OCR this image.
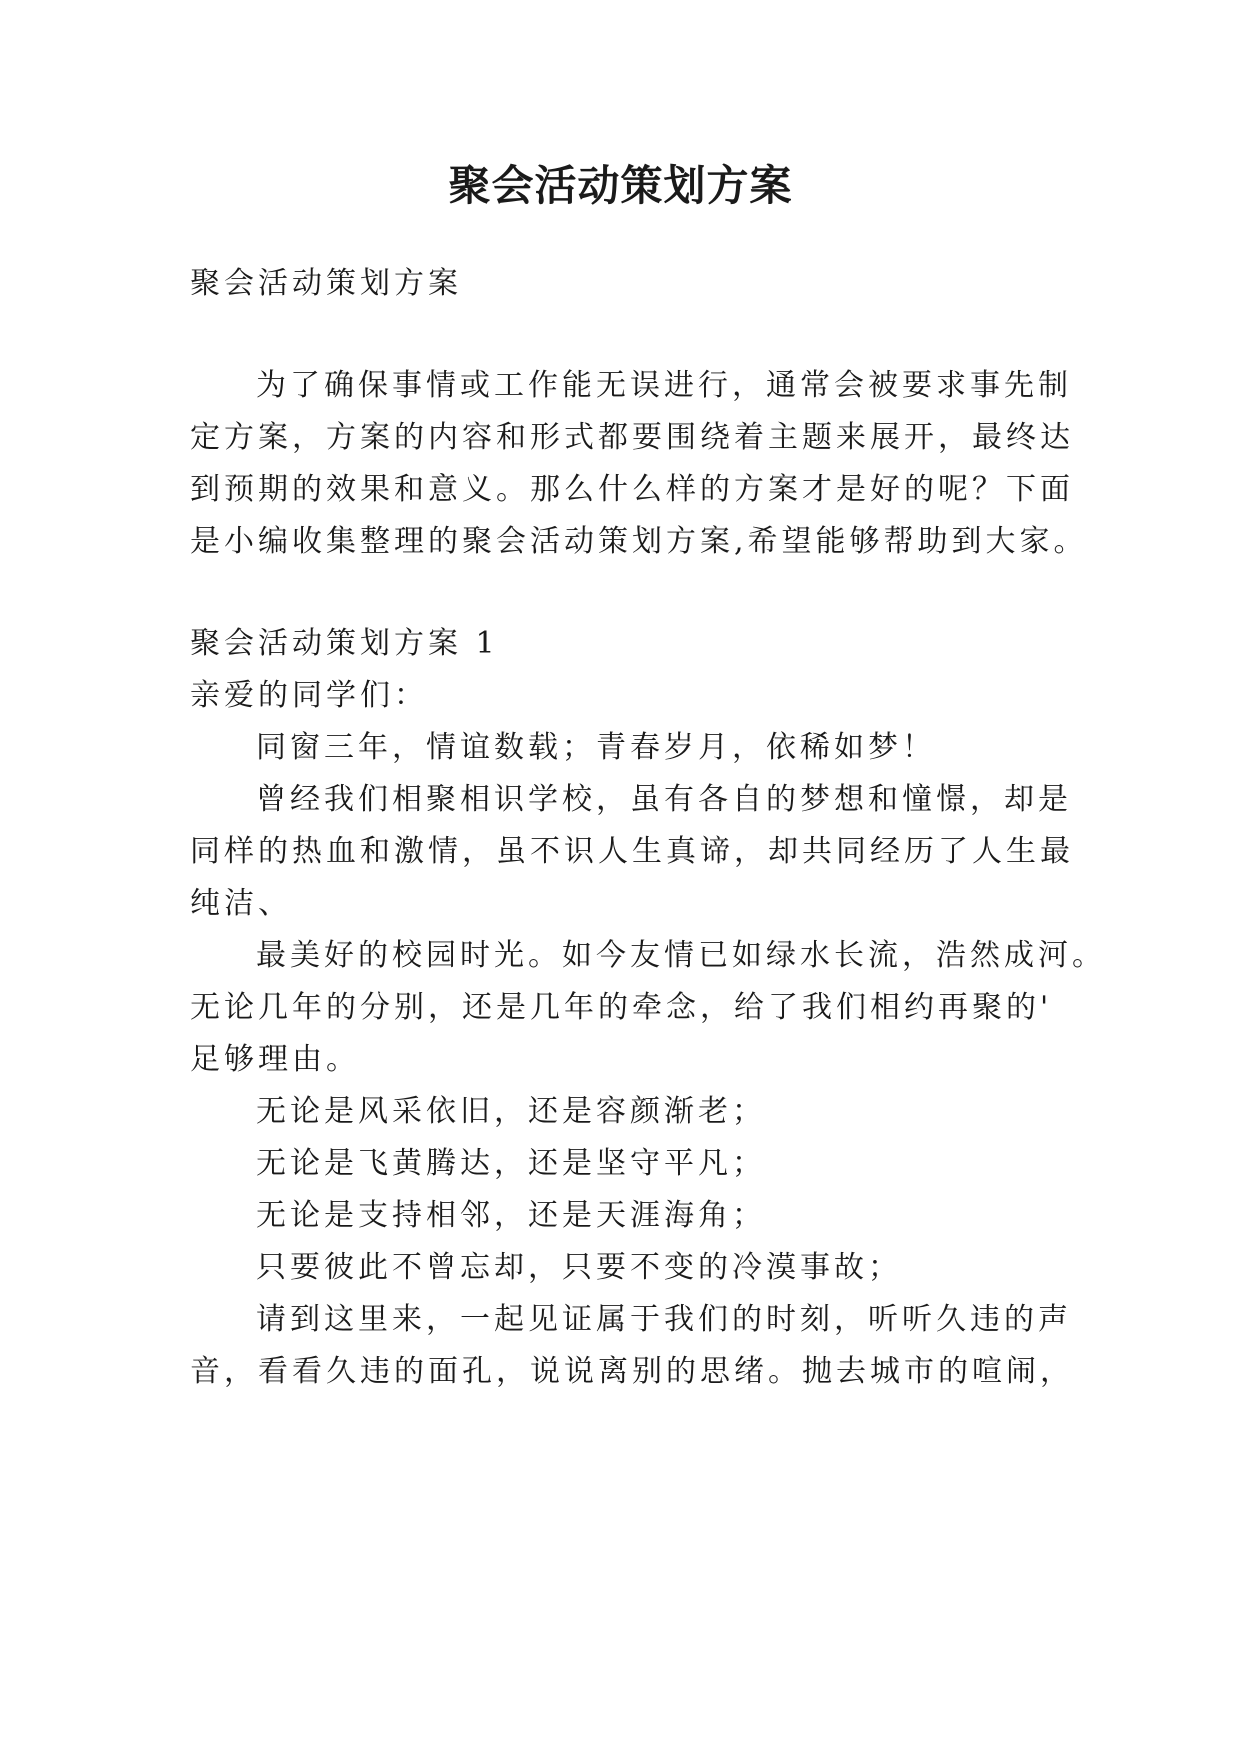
聚会活动策划方案

聚会活动策划方案

为了确保事情或工作能无误进行，通常会被要求事先制

定方案，方案的内容和形式都要围绕着主题来展开，最终达

到预期的效果和意义。那么什么样的方案才是好的呢？下面

是小编收集整理的聚会活动策划方案,希望能够帮助到大家。

聚会活动策划方案 1

亲爱的同学们：

同窗三年，情谊数载；青春岁月，依稀如梦！

曾经我们相聚相识学校，虽有各自的梦想和憧憬，却是

同样的热血和激情，虽不识人生真谛，却共同经历了人生最

纯洁、

最美好的校园时光。如今友情已如绿水长流，浩然成河。

无论几年的分别，还是几年的牵念，给了我们相约再聚的'

足够理由。

无论是风采依旧，还是容颜渐老；

无论是飞黄腾达，还是坚守平凡；

无论是支持相邻，还是天涯海角；

只要彼此不曾忘却，只要不变的冷漠事故；

请到这里来，一起见证属于我们的时刻，听听久违的声

音，看看久违的面孔，说说离别的思绪。抛去城市的喧闹，
